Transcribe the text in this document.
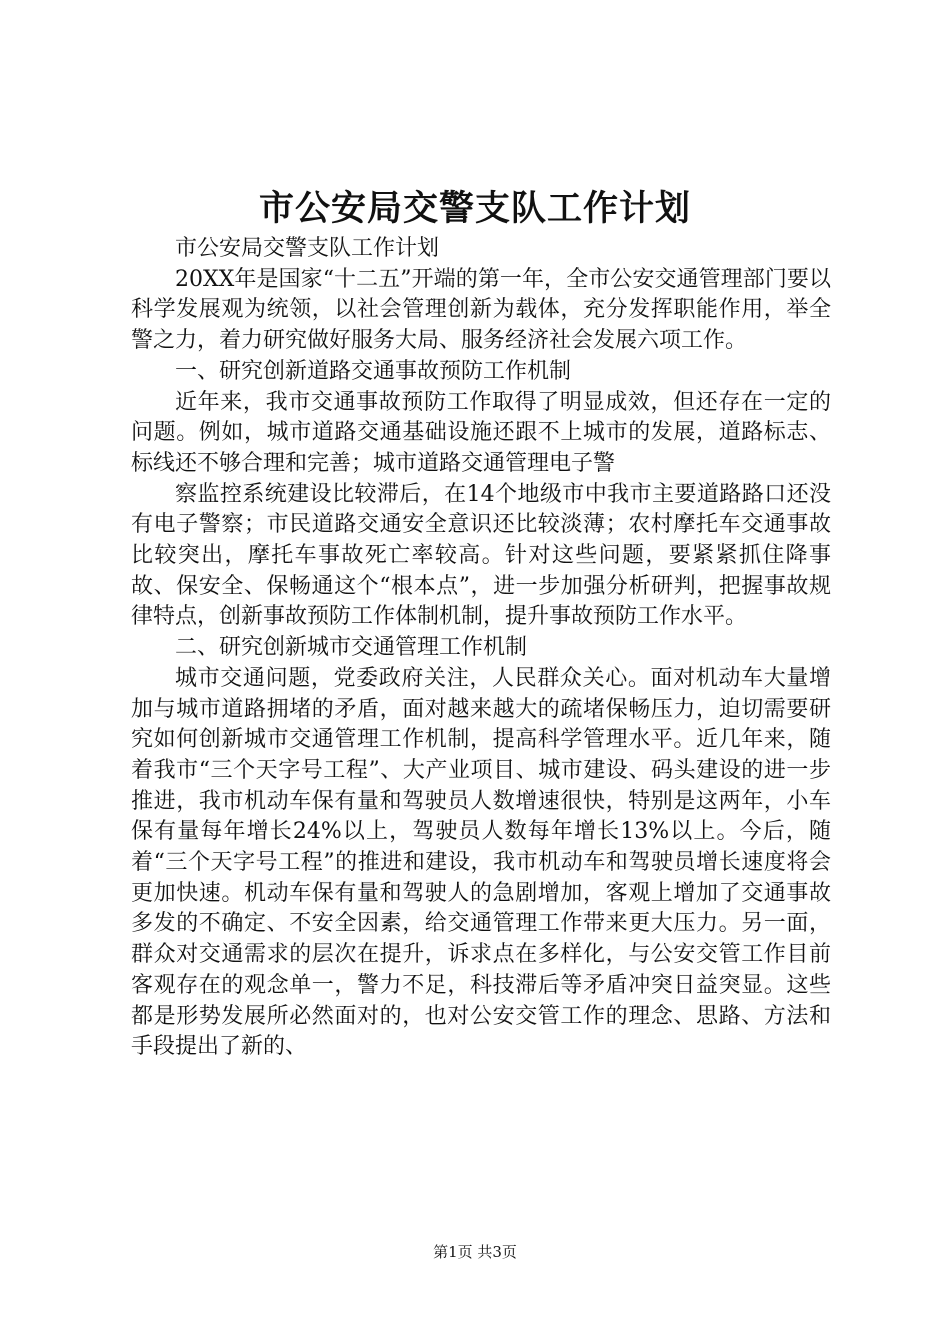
市公安局交警支队工作计划

市公安局交警支队工作计划

20XX年是国家“十二五”开端的第一年，全市公安交通管理部门要以科学发展观为统领，以社会管理创新为载体，充分发挥职能作用，举全警之力，着力研究做好服务大局、服务经济社会发展六项工作。

一、研究创新道路交通事故预防工作机制

近年来，我市交通事故预防工作取得了明显成效，但还存在一定的问题。例如，城市道路交通基础设施还跟不上城市的发展，道路标志、标线还不够合理和完善；城市道路交通管理电子警

察监控系统建设比较滞后，在14个地级市中我市主要道路路口还没有电子警察；市民道路交通安全意识还比较淡薄；农村摩托车交通事故比较突出，摩托车事故死亡率较高。针对这些问题，要紧紧抓住降事故、保安全、保畅通这个“根本点”，进一步加强分析研判，把握事故规律特点，创新事故预防工作体制机制，提升事故预防工作水平。

二、研究创新城市交通管理工作机制

城市交通问题，党委政府关注，人民群众关心。面对机动车大量增加与城市道路拥堵的矛盾，面对越来越大的疏堵保畅压力，迫切需要研究如何创新城市交通管理工作机制，提高科学管理水平。近几年来，随着我市“三个天字号工程”、大产业项目、城市建设、码头建设的进一步推进，我市机动车保有量和驾驶员人数增速很快，特别是这两年，小车保有量每年增长24%以上，驾驶员人数每年增长13%以上。今后，随着“三个天字号工程”的推进和建设，我市机动车和驾驶员增长速度将会更加快速。机动车保有量和驾驶人的急剧增加，客观上增加了交通事故多发的不确定、不安全因素，给交通管理工作带来更大压力。另一面，群众对交通需求的层次在提升，诉求点在多样化，与公安交管工作目前客观存在的观念单一，警力不足，科技滞后等矛盾冲突日益突显。这些都是形势发展所必然面对的，也对公安交管工作的理念、思路、方法和手段提出了新的、

第1页 共3页
